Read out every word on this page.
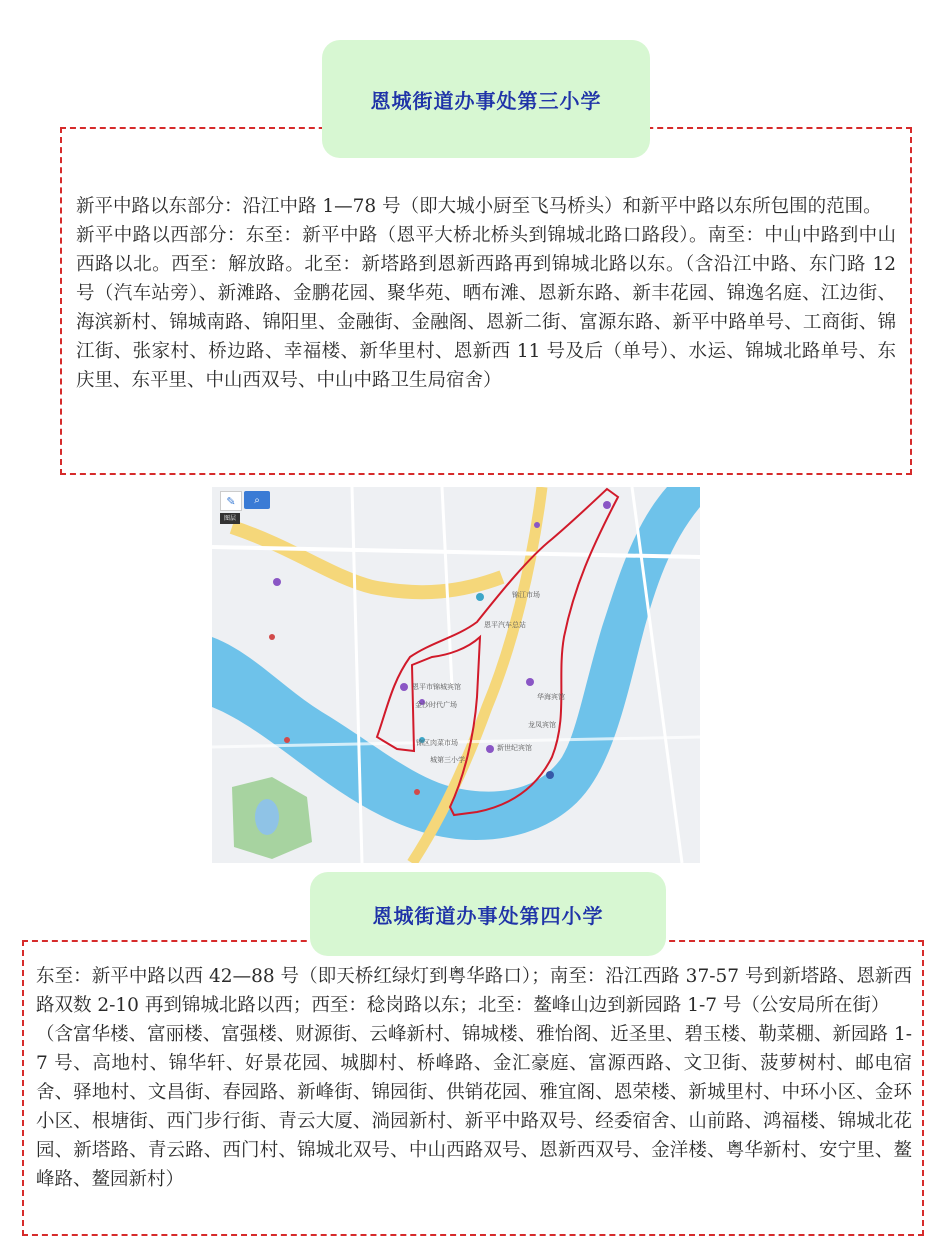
恩城街道办事处第三小学

新平中路以东部分：沿江中路 1—78 号（即大城小厨至飞马桥头）和新平中路以东所包围的范围。

新平中路以西部分：东至：新平中路（恩平大桥北桥头到锦城北路口路段）。南至：中山中路到中山西路以北。西至：解放路。北至：新塔路到恩新西路再到锦城北路以东。（含沿江中路、东门路 12 号（汽车站旁）、新滩路、金鹏花园、聚华苑、晒布滩、恩新东路、新丰花园、锦逸名庭、江边街、海滨新村、锦城南路、锦阳里、金融街、金融阁、恩新二街、富源东路、新平中路单号、工商街、锦江街、张家村、桥边路、幸福楼、新华里村、恩新西 11 号及后（单号）、水运、锦城北路单号、东庆里、东平里、中山西双号、中山中路卫生局宿舍）

锦江市场
恩平汽车总站
恩平市锦城宾馆
金沙时代广场
华海宾馆
龙凤宾馆
锦区肉菜市场
新世纪宾馆
城第三小学
✎	⌕
图层
恩城街道办事处第四小学

东至：新平中路以西 42—88 号（即天桥红绿灯到粤华路口）；南至：沿江西路 37-57 号到新塔路、恩新西路双数 2-10 再到锦城北路以西；西至：稔岗路以东；北至：鳌峰山边到新园路 1-7 号（公安局所在街）

（含富华楼、富丽楼、富强楼、财源街、云峰新村、锦城楼、雅怡阁、近圣里、碧玉楼、勒菜棚、新园路 1-7 号、高地村、锦华轩、好景花园、城脚村、桥峰路、金汇豪庭、富源西路、文卫街、菠萝树村、邮电宿舍、驿地村、文昌街、春园路、新峰街、锦园街、供销花园、雅宜阁、恩荣楼、新城里村、中环小区、金环小区、根塘街、西门步行街、青云大厦、淌园新村、新平中路双号、经委宿舍、山前路、鸿福楼、锦城北花园、新塔路、青云路、西门村、锦城北双号、中山西路双号、恩新西双号、金洋楼、粤华新村、安宁里、鳌峰路、鳌园新村）
